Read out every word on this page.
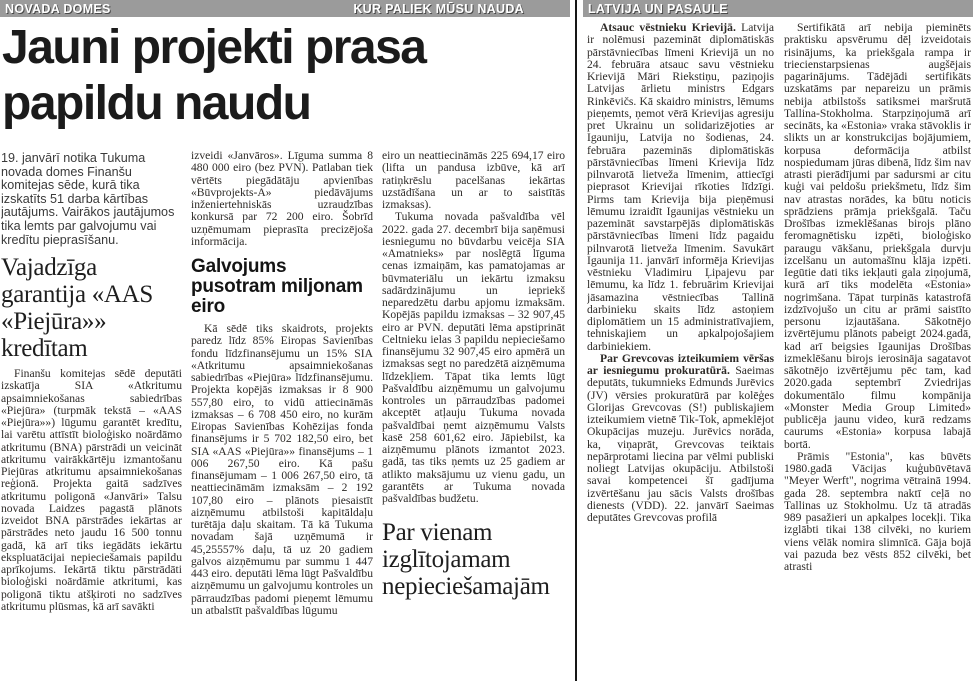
NOVADA DOMES	KUR PALIEK MŪSU NAUDA	LATVIJA UN PASAULE
Jauni projekti prasa
papildu naudu
19. janvārī notika Tukuma novada domes Finanšu komitejas sēde, kurā tika izskatīts 51 darba kārtības jautājums. Vairākos jautājumos tika lemts par galvojumu vai kredītu pieprasīšanu.
Vajadzīga garantija «AAS «Piejūra»» kredītam

Finanšu komitejas sēdē deputāti izskatīja SIA «Atkritumu apsaimniekošanas sabiedrības «Piejūra» (turpmāk tekstā – «AAS «Piejūra»») lūgumu garantēt kredītu, lai varētu attīstīt bioloģisko noārdāmo atkritumu (BNA) pārstrādi un veicināt atkritumu vairākkārtēju izmantošanu Piejūras atkritumu apsaimniekošanas reģionā. Projekta gaitā sadzīves atkritumu poligonā «Janvāri» Talsu novada Laidzes pagastā plānots izveidot BNA pārstrādes iekārtas ar pārstrādes neto jaudu 16 500 tonnu gadā, kā arī tiks iegādāts iekārtu ekspluatācijai nepieciešamais papildu aprīkojums. Iekārtā tiktu pārstrādāti bioloģiski noārdāmie atkritumi, kas poligonā tiktu atšķiroti no sadzīves atkritumu plūsmas, kā arī savākti

izveidi «Janvāros». Līguma summa 8 480 000 eiro (bez PVN). Patlaban tiek vērtēts piegādātāju apvienības «Būvprojekts-A» piedāvājums inženiertehniskās uzraudzības konkursā par 72 200 eiro. Šobrīd uzņēmumam pieprasīta precizējoša informācija.

Galvojums pusotram miljonam eiro

Kā sēdē tiks skaidrots, projekts paredz līdz 85% Eiropas Savienības fondu līdzfinansējumu un 15% SIA «Atkritumu apsaimniekošanas sabiedrības «Piejūra» līdzfinansējumu. Projekta kopējās izmaksas ir 8 900 557,80 eiro, to vidū attiecināmās izmaksas – 6 708 450 eiro, no kurām Eiropas Savienības Kohēzijas fonda finansējums ir 5 702 182,50 eiro, bet SIA «AAS «Piejūra»» finansējums – 1 006 267,50 eiro. Kā pašu finansējumam – 1 006 267,50 eiro, tā neattiecināmām izmaksām – 2 192 107,80 eiro – plānots piesaistīt aizņēmumu atbilstoši kapitāldaļu turētāja daļu skaitam. Tā kā Tukuma novadam šajā uzņēmumā ir 45,25557% daļu, tā uz 20 gadiem galvos aizņēmumu par summu 1 447 443 eiro. deputāti lēma lūgt Pašvaldību aizņēmumu un galvojumu kontroles un pārraudzības padomi pieņemt lēmumu un atbalstīt pašvaldības lūgumu

eiro un neattiecināmās 225 694,17 eiro (lifta un pandusa izbūve, kā arī ratiņkrēslu pacelšanas iekārtas uzstādīšana un ar to saistītās izmaksas).

Tukuma novada pašvaldība vēl 2022. gada 27. decembrī bija saņēmusi iesniegumu no būvdarbu veicēja SIA «Amatnieks» par noslēgtā līguma cenas izmaiņām, kas pamatojamas ar būvmateriālu un iekārtu izmaksu sadārdzinājumu un iepriekš neparedzētu darbu apjomu izmaksām. Kopējās papildu izmaksas – 32 907,45 eiro ar PVN. deputāti lēma apstiprināt Celtnieku ielas 3 papildu nepieciešamo finansējumu 32 907,45 eiro apmērā un izmaksas segt no paredzētā aizņēmuma līdzekļiem. Tāpat tika lemts lūgt Pašvaldību aizņēmumu un galvojumu kontroles un pārraudzības padomei akceptēt atļauju Tukuma novada pašvaldībai ņemt aizņēmumu Valsts kasē 258 601,62 eiro. Jāpiebilst, ka aizņēmumu plānots izmantot 2023. gadā, tas tiks ņemts uz 25 gadiem ar atlikto maksājumu uz vienu gadu, un garantēts ar Tukuma novada pašvaldības budžetu.

Par vienam izglītojamam nepieciešamajām

Atsauc vēstnieku Krievijā. Latvija ir nolēmusi pazemināt diplomātiskās pārstāvniecības līmeni Krievijā un no 24. februāra atsauc savu vēstnieku Krievijā Māri Riekstiņu, paziņojis Latvijas ārlietu ministrs Edgars Rinkēvičs. Kā skaidro ministrs, lēmums pieņemts, ņemot vērā Krievijas agresiju pret Ukrainu un solidarizējoties ar Igauniju, Latvija no šodienas, 24. februāra pazeminās diplomātiskās pārstāvniecības līmeni Krievija līdz pilnvarotā lietveža līmenim, attiecīgi pieprasot Krievijai rīkoties līdzīgi. Pirms tam Krievija bija pieņēmusi lēmumu izraidīt Igaunijas vēstnieku un pazemināt savstarpējās diplomātiskās pārstāvniecības līmeni līdz pagaidu pilnvarotā lietveža līmenim. Savukārt Igaunija 11. janvārī informēja Krievijas vēstnieku Vladimiru Ļipajevu par lēmumu, ka līdz 1. februārim Krievijai jāsamazina vēstniecības Tallinā darbinieku skaits līdz astoņiem diplomātiem un 15 administratīvajiem, tehniskajiem un apkalpojošajiem darbiniekiem.

Par Grevcovas izteikumiem vēršas ar iesniegumu prokuratūrā. Saeimas deputāts, tukumnieks Edmunds Jurēvics (JV) vērsies prokuratūrā par kolēģes Glorijas Grevcovas (S!) publiskajiem izteikumiem vietnē Tik-Tok, apmeklējot Okupācijas muzeju. Jurēvics norāda, ka, viņaprāt, Grevcovas teiktais nepārprotami liecina par vēlmi publiski noliegt Latvijas okupāciju. Atbilstoši savai kompetencei šī gadījuma izvērtēšanu jau sācis Valsts drošības dienests (VDD). 22. janvārī Saeimas deputātes Grevcovas profilā

Sertifikātā arī nebija pieminēts praktisku apsvērumu dēļ izveidotais risinājums, ka priekšgala rampa ir triecienstarpsienas augšējais pagarinājums. Tādējādi sertifikāts uzskatāms par nepareizu un prāmis nebija atbilstošs satiksmei maršrutā Tallina-Stokholma. Starpziņojumā arī secināts, ka «Estonia» vraka stāvoklis ir slikts un ar konstrukcijas bojājumiem, korpusa deformācija atbilst nospiedumam jūras dibenā, līdz šim nav atrasti pierādījumi par sadursmi ar citu kuģi vai peldošu priekšmetu, līdz šim nav atrastas norādes, ka būtu noticis sprādziens prāmja priekšgalā. Taču Drošības izmeklēšanas birojs plāno feromagnētisku izpēti, bioloģisko paraugu vākšanu, priekšgala durvju izcelšanu un automašīnu klāja izpēti. Iegūtie dati tiks iekļauti gala ziņojumā, kurā arī tiks modelēta «Estonia» nogrimšana. Tāpat turpinās katastrofā izdzīvojušo un citu ar prāmi saistīto personu izjautāšana. Sākotnējo izvērtējumu plānots pabeigt 2024.gadā, kad arī beigsies Igaunijas Drošības izmeklēšanu birojs ierosināja sagatavot sākotnējo izvērtējumu pēc tam, kad 2020.gada septembrī Zviedrijas dokumentālo filmu kompānija «Monster Media Group Limited» publicēja jaunu video, kurā redzams caurums «Estonia» korpusa labajā bortā.

Prāmis "Estonia", kas būvēts 1980.gadā Vācijas kuģubūvētavā "Meyer Werft", nogrima vētrainā 1994. gada 28. septembra naktī ceļā no Tallinas uz Stokholmu. Uz tā atradās 989 pasažieri un apkalpes locekļi. Tika izglābti tikai 138 cilvēki, no kuriem viens vēlāk nomira slimnīcā. Gāja bojā vai pazuda bez vēsts 852 cilvēki, bet atrasti
